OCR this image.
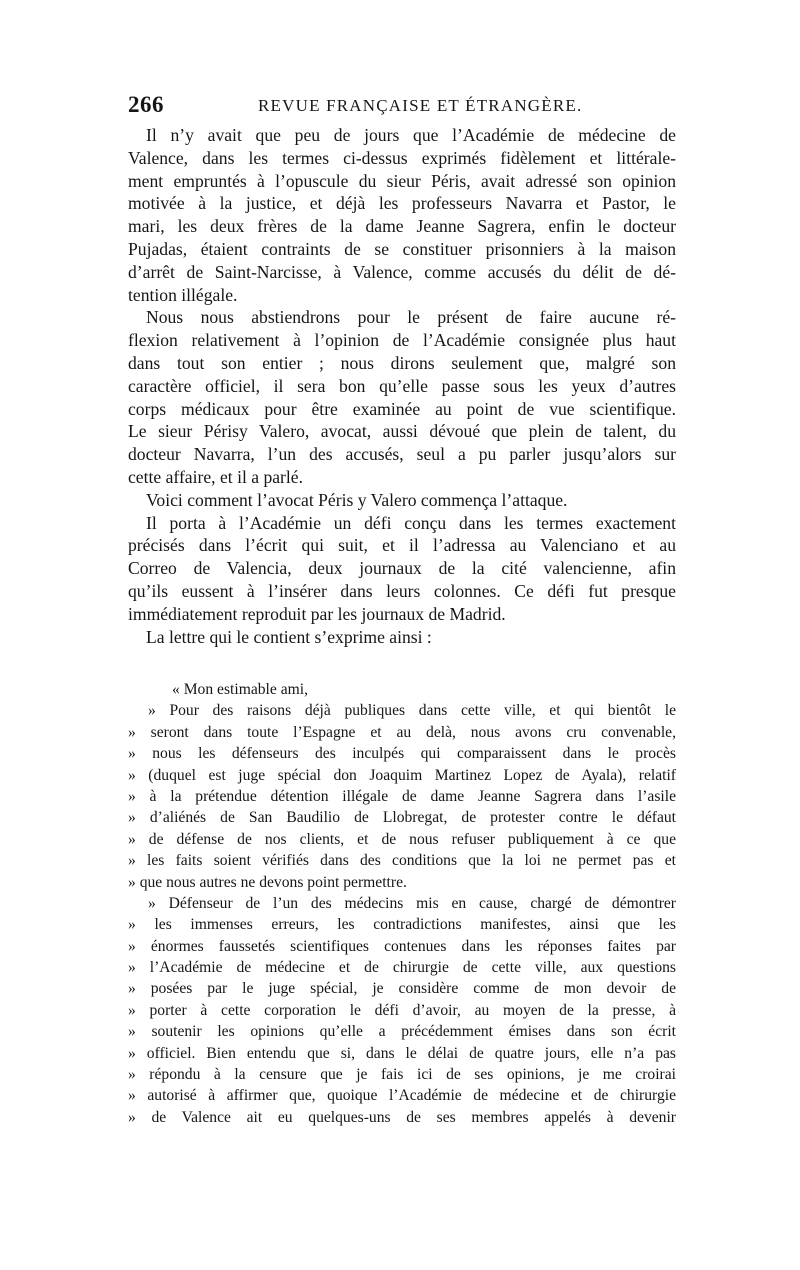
266	REVUE FRANÇAISE ET ÉTRANGÈRE.
Il n’y avait que peu de jours que l’Académie de médecine de
Valence, dans les termes ci-dessus exprimés fidèlement et littérale-
ment empruntés à l’opuscule du sieur Péris, avait adressé son opinion
motivée à la justice, et déjà les professeurs Navarra et Pastor, le
mari, les deux frères de la dame Jeanne Sagrera, enfin le docteur
Pujadas, étaient contraints de se constituer prisonniers à la maison
d’arrêt de Saint-Narcisse, à Valence, comme accusés du délit de dé-
tention illégale.
Nous nous abstiendrons pour le présent de faire aucune ré-
flexion relativement à l’opinion de l’Académie consignée plus haut
dans tout son entier ; nous dirons seulement que, malgré son
caractère officiel, il sera bon qu’elle passe sous les yeux d’autres
corps médicaux pour être examinée au point de vue scientifique.
Le sieur Périsy Valero, avocat, aussi dévoué que plein de talent, du
docteur Navarra, l’un des accusés, seul a pu parler jusqu’alors sur
cette affaire, et il a parlé.
Voici comment l’avocat Péris y Valero commença l’attaque.
Il porta à l’Académie un défi conçu dans les termes exactement
précisés dans l’écrit qui suit, et il l’adressa au Valenciano et au
Correo de Valencia, deux journaux de la cité valencienne, afin
qu’ils eussent à l’insérer dans leurs colonnes. Ce défi fut presque
immédiatement reproduit par les journaux de Madrid.
La lettre qui le contient s’exprime ainsi :
« Mon estimable ami,
» Pour des raisons déjà publiques dans cette ville, et qui bientôt le
» seront dans toute l’Espagne et au delà, nous avons cru convenable,
» nous les défenseurs des inculpés qui comparaissent dans le procès
» (duquel est juge spécial don Joaquim Martinez Lopez de Ayala), relatif
» à la prétendue détention illégale de dame Jeanne Sagrera dans l’asile
» d’aliénés de San Baudilio de Llobregat, de protester contre le défaut
» de défense de nos clients, et de nous refuser publiquement à ce que
» les faits soient vérifiés dans des conditions que la loi ne permet pas et
» que nous autres ne devons point permettre.
» Défenseur de l’un des médecins mis en cause, chargé de démontrer
» les immenses erreurs, les contradictions manifestes, ainsi que les
» énormes faussetés scientifiques contenues dans les réponses faites par
» l’Académie de médecine et de chirurgie de cette ville, aux questions
» posées par le juge spécial, je considère comme de mon devoir de
» porter à cette corporation le défi d’avoir, au moyen de la presse, à
» soutenir les opinions qu’elle a précédemment émises dans son écrit
» officiel. Bien entendu que si, dans le délai de quatre jours, elle n’a pas
» répondu à la censure que je fais ici de ses opinions, je me croirai
» autorisé à affirmer que, quoique l’Académie de médecine et de chirurgie
» de Valence ait eu quelques-uns de ses membres appelés à devenir
